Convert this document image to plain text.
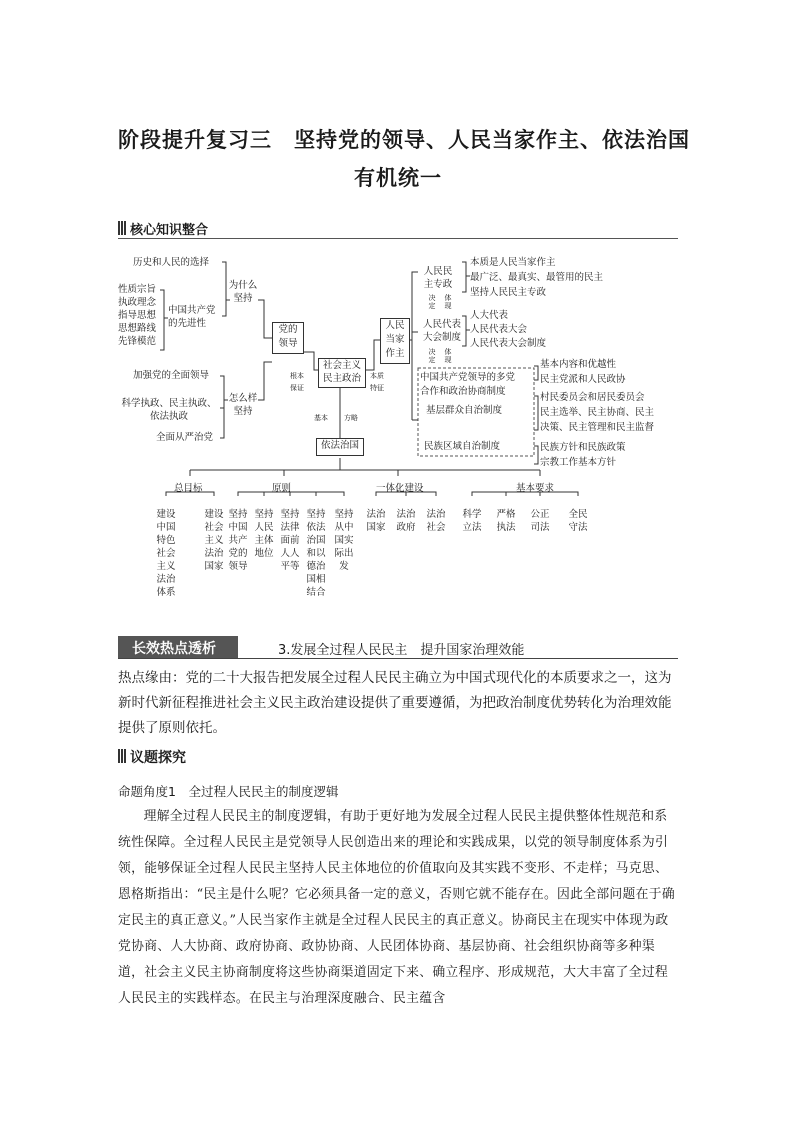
阶段提升复习三　坚持党的领导、人民当家作主、依法治国
有机统一
核心知识整合
历史和人民的选择
为什么
坚持
性质宗旨
执政理念
指导思想
思想路线
先锋模范
中国共产党
的先进性
加强党的全面领导
科学执政、民主执政、
依法执政
全面从严治党
怎么样
坚持
党的
领导
根本
保证
社会主义
民主政治	本质
特征
基本 方略
依法治国
人民
当家
作主
人民民
主专政
决
定
体
现
人民代表
大会制度
决
定
体
现
本质是人民当家作主
最广泛、最真实、最管用的民主
坚持人民民主专政
人大代表
人民代表大会
人民代表大会制度
中国共产党领导的多党
合作和政治协商制度
基层群众自治制度
民族区域自治制度
基本内容和优越性
民主党派和人民政协
村民委员会和居民委员会
民主选举、民主协商、民主
决策、民主管理和民主监督
民族方针和民族政策
宗教工作基本方针
总目标	原则	一体化建设	基本要求
建设中国特色社会主义法治体系
建设社会主义法治国家
坚持中国共产党的领导
坚持人民主体地位
坚持法律面前人人平等
坚持依法治国和以德治国相结合
坚持从中国实际出发
法治国家
法治政府
法治社会
科学立法
严格执法
公正司法
全民守法
长效热点透析	3.发展全过程人民民主　提升国家治理效能
热点缘由：党的二十大报告把发展全过程人民民主确立为中国式现代化的本质要求之一，这为新时代新征程推进社会主义民主政治建设提供了重要遵循，为把政治制度优势转化为治理效能提供了原则依托。
议题探究
命题角度1　全过程人民民主的制度逻辑

理解全过程人民民主的制度逻辑，有助于更好地为发展全过程人民民主提供整体性规范和系统性保障。全过程人民民主是党领导人民创造出来的理论和实践成果，以党的领导制度体系为引领，能够保证全过程人民民主坚持人民主体地位的价值取向及其实践不变形、不走样；马克思、恩格斯指出：“民主是什么呢？它必须具备一定的意义，否则它就不能存在。因此全部问题在于确定民主的真正意义。”人民当家作主就是全过程人民民主的真正意义。协商民主在现实中体现为政党协商、人大协商、政府协商、政协协商、人民团体协商、基层协商、社会组织协商等多种渠道，社会主义民主协商制度将这些协商渠道固定下来、确立程序、形成规范，大大丰富了全过程人民民主的实践样态。在民主与治理深度融合、民主蕴含
